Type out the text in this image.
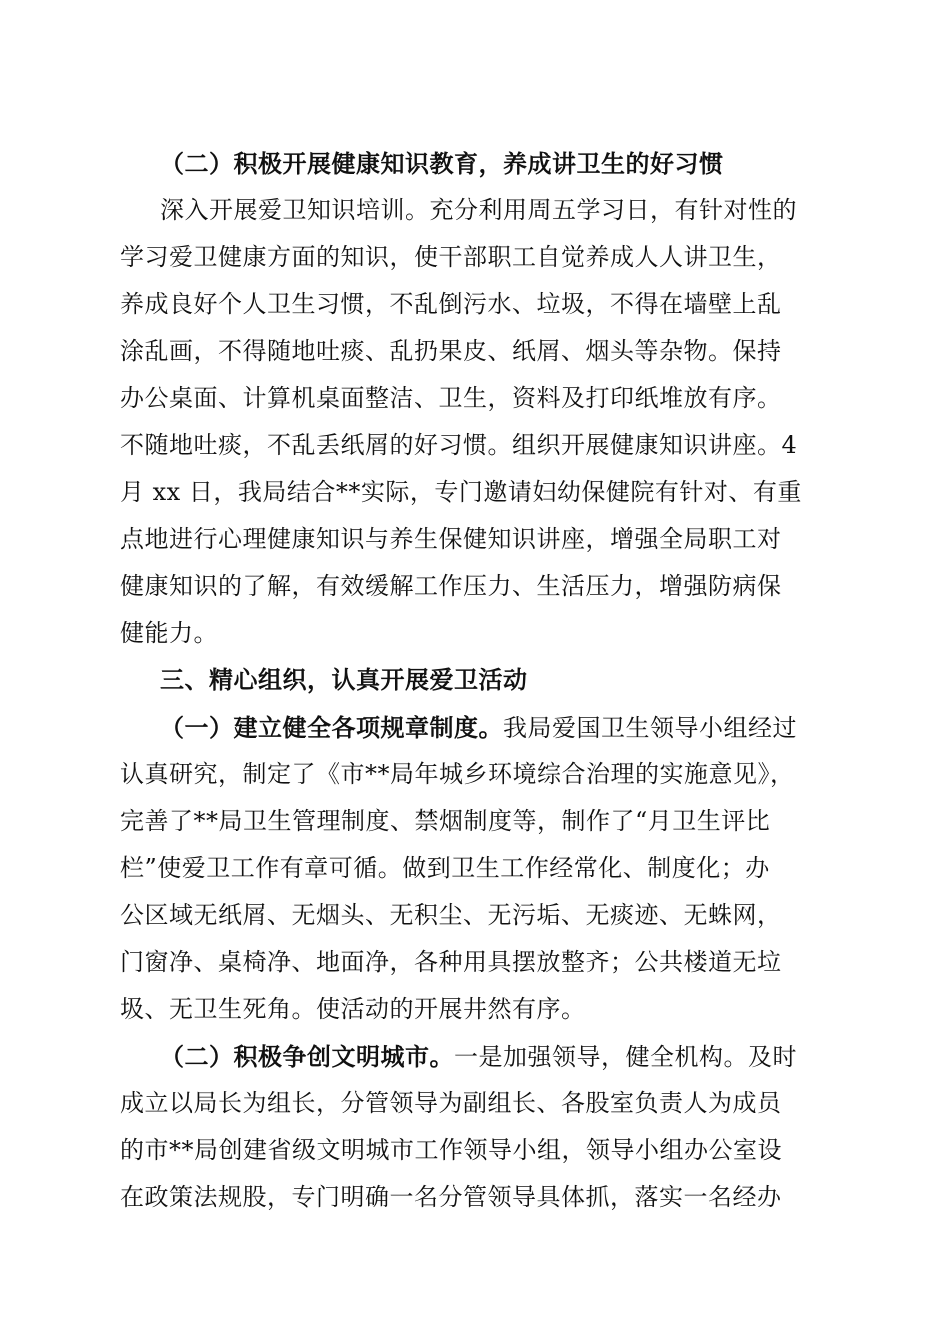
（二）积极开展健康知识教育，养成讲卫生的好习惯
深入开展爱卫知识培训。充分利用周五学习日，有针对性的
学习爱卫健康方面的知识，使干部职工自觉养成人人讲卫生，
养成良好个人卫生习惯，不乱倒污水、垃圾，不得在墙壁上乱
涂乱画，不得随地吐痰、乱扔果皮、纸屑、烟头等杂物。保持
办公桌面、计算机桌面整洁、卫生，资料及打印纸堆放有序。
不随地吐痰，不乱丢纸屑的好习惯。组织开展健康知识讲座。4
月 xx 日，我局结合**实际，专门邀请妇幼保健院有针对、有重
点地进行心理健康知识与养生保健知识讲座，增强全局职工对
健康知识的了解，有效缓解工作压力、生活压力，增强防病保
健能力。
三、精心组织，认真开展爱卫活动
（一）建立健全各项规章制度。我局爱国卫生领导小组经过
认真研究，制定了《市**局年城乡环境综合治理的实施意见》，
完善了**局卫生管理制度、禁烟制度等，制作了“月卫生评比
栏”使爱卫工作有章可循。做到卫生工作经常化、制度化；办
公区域无纸屑、无烟头、无积尘、无污垢、无痰迹、无蛛网，
门窗净、桌椅净、地面净，各种用具摆放整齐；公共楼道无垃
圾、无卫生死角。使活动的开展井然有序。
（二）积极争创文明城市。一是加强领导，健全机构。及时
成立以局长为组长，分管领导为副组长、各股室负责人为成员
的市**局创建省级文明城市工作领导小组，领导小组办公室设
在政策法规股，专门明确一名分管领导具体抓，落实一名经办
